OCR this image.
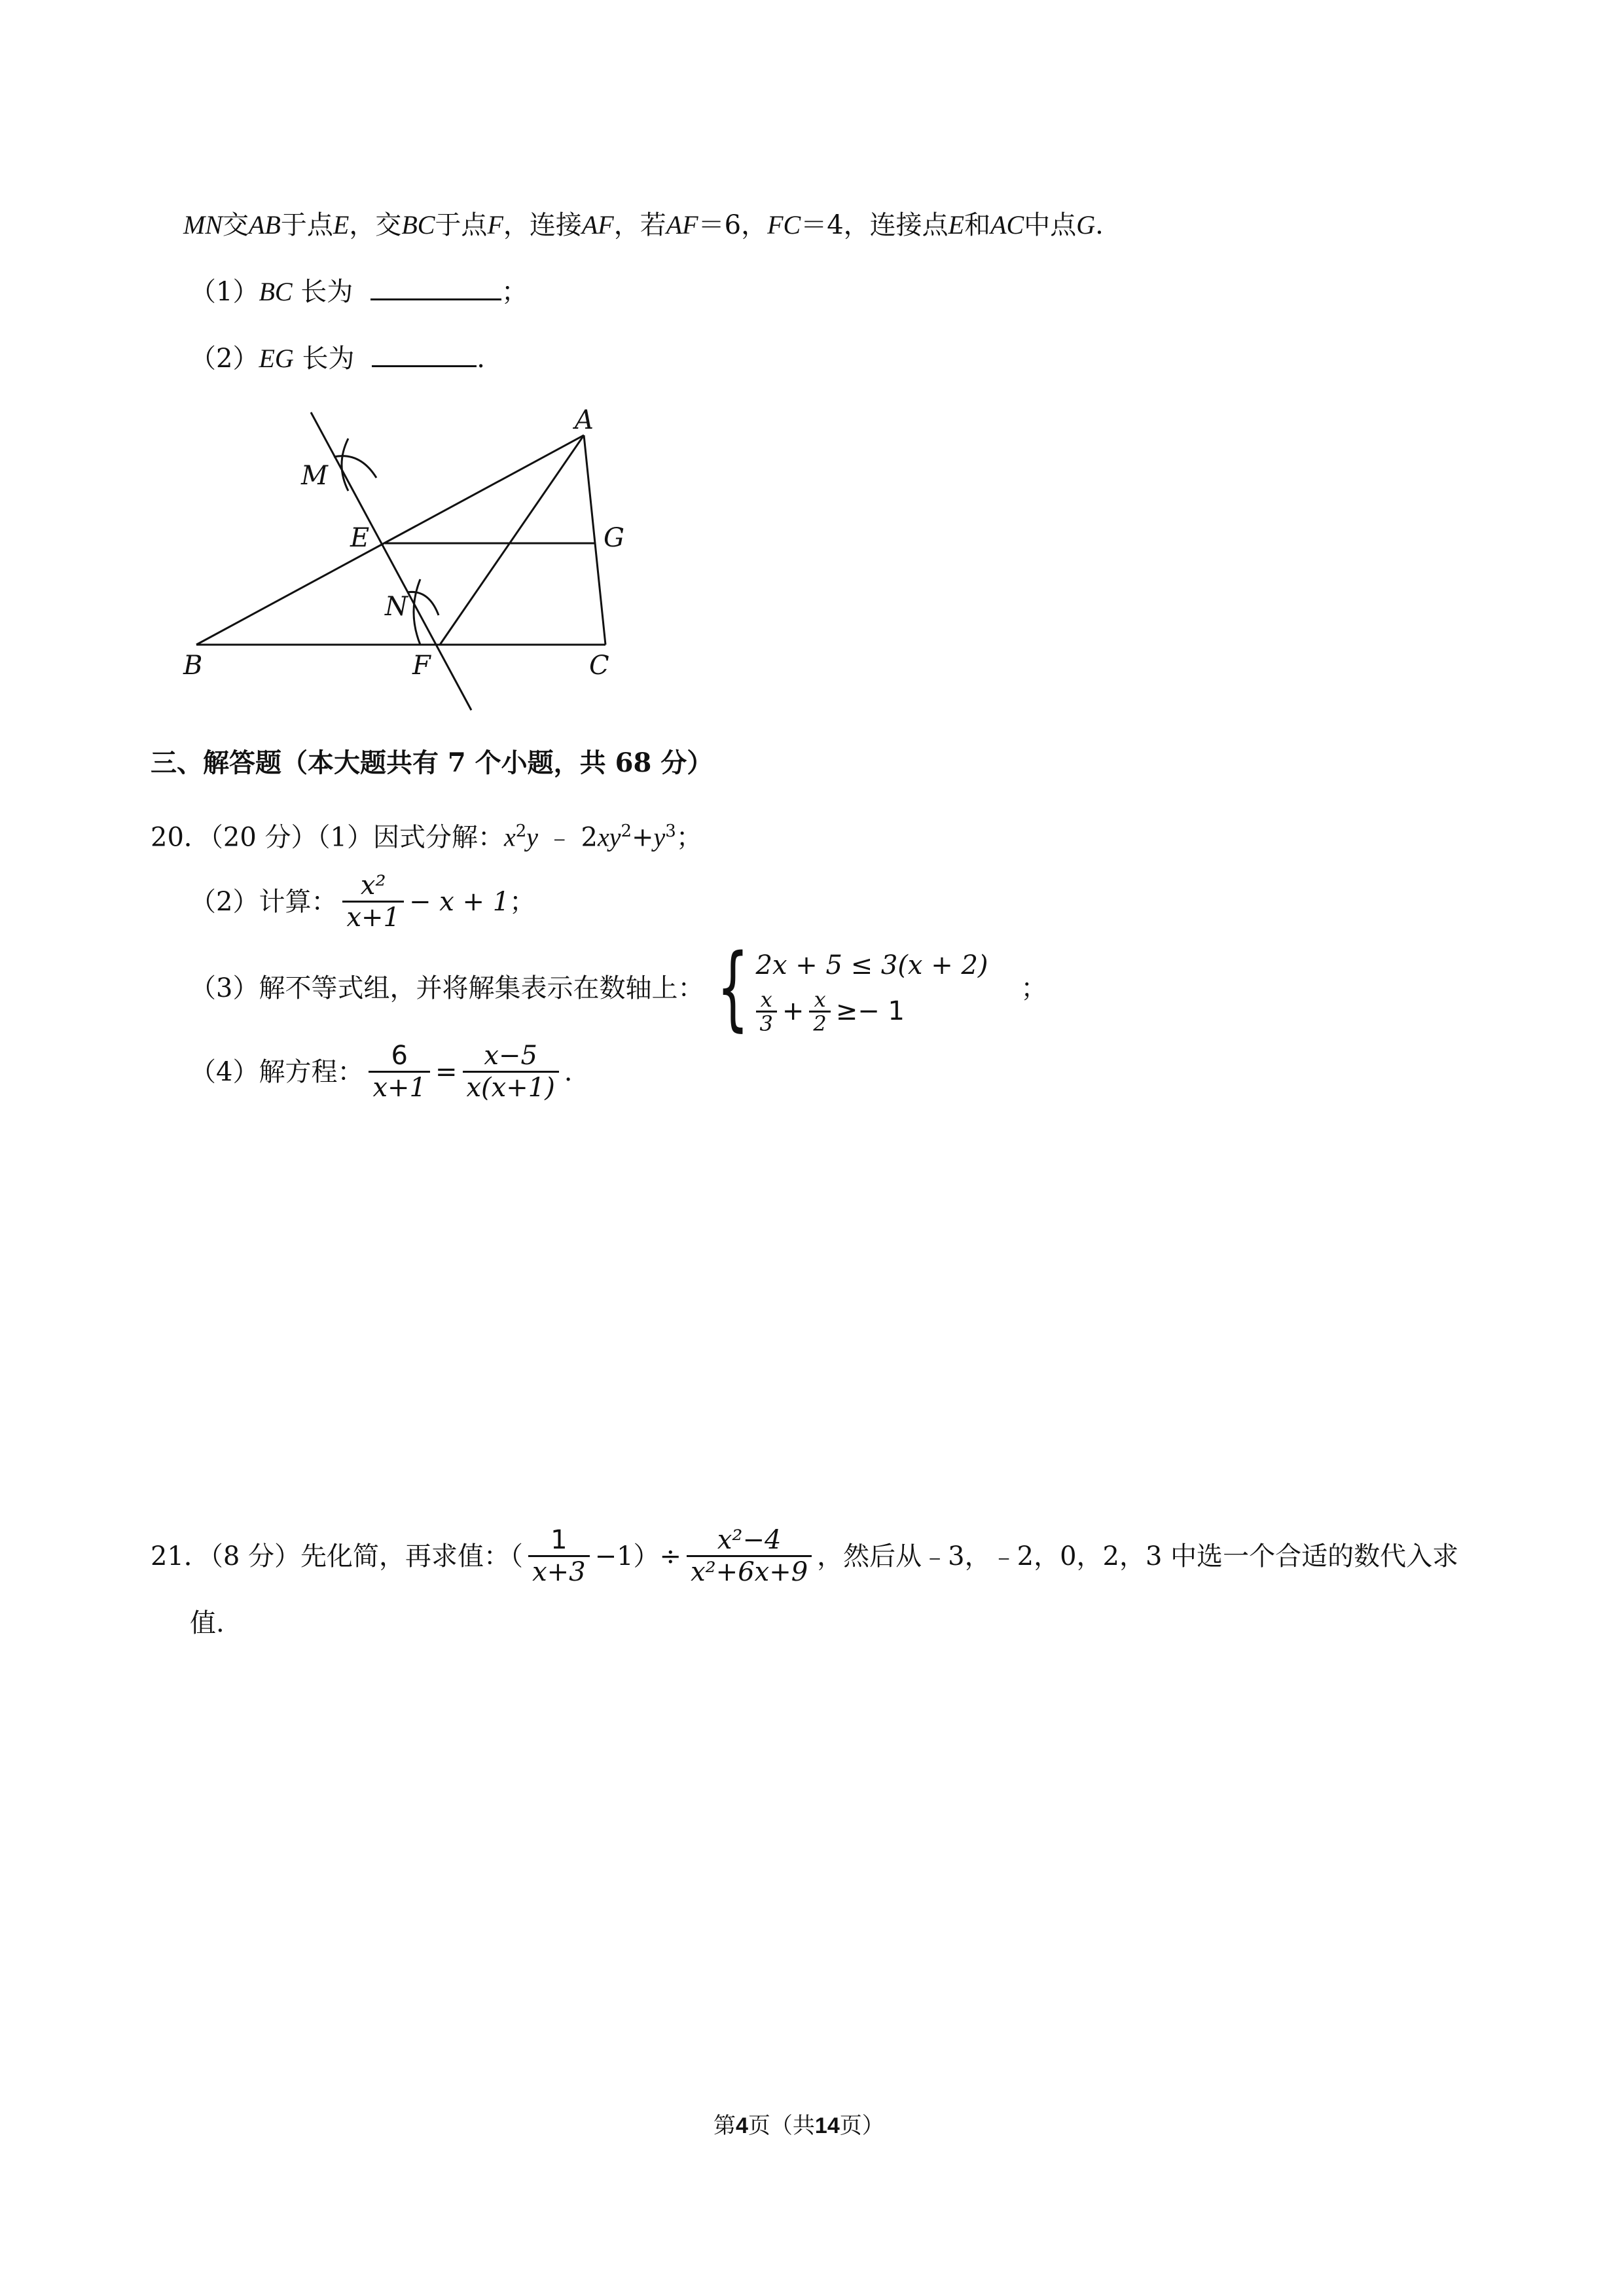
MN交AB于点E，交BC于点F，连接AF，若AF＝6，FC＝4，连接点E和AC中点G.
（1）BC 长为	；
（2）EG 长为	.
A
M
E	G
N
B	F	C
三、解答题（本大题共有 7 个小题，共 68 分）
20．（20 分）（1）因式分解：$x^2y$ ﹣ $2xy^2+y^3$；
（2）计算： $\frac{\text{x²}}{x+1} - x + 1$ ；
（3）解不等式组，并将解集表示在数轴上： { 2x + 5 ≤ 3(x + 2)
$\frac{x}{3} + \frac{x}{2} \ge- 1$
；
（4）解方程： $\frac{6}{x+1} = \frac{x-5}{x(x+1)}$ .
21．（8 分）先化简，再求值：（ $\frac{1}{x+3} -1)\div \frac{\text{x²−4}}{\text{x²+6x+9}}$ ，然后从﹣3，﹣2，0，2，3 中选一个合适的数代入求
值.
第4页（共14页）
